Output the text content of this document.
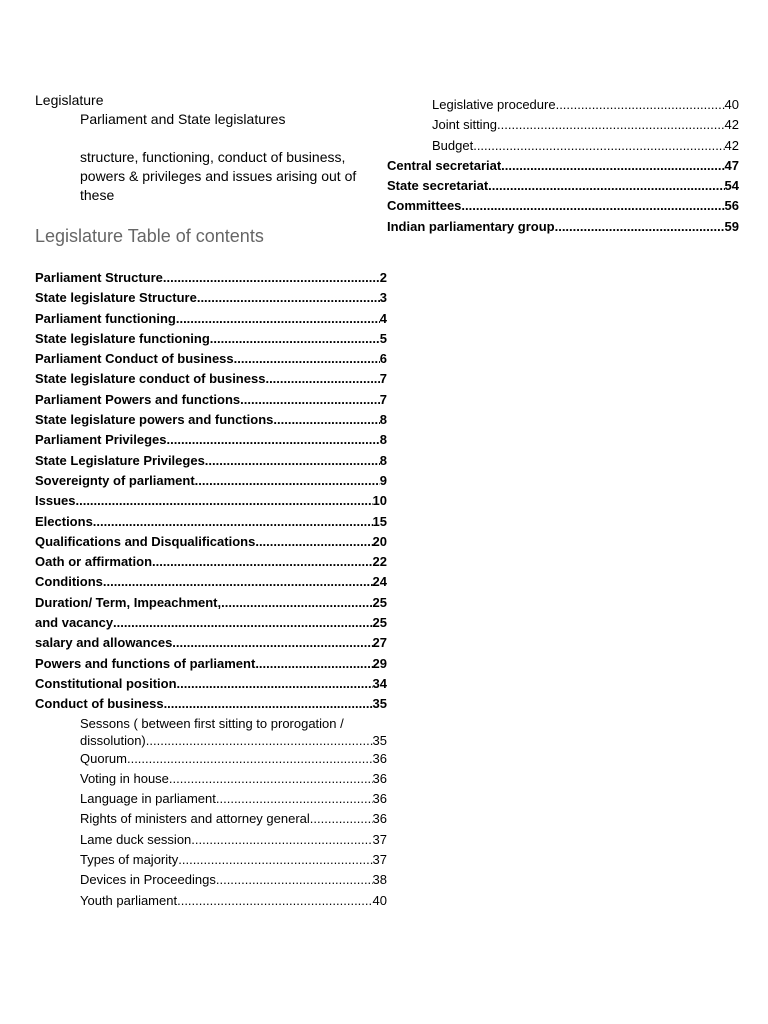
Legislature

Parliament and State legislatures

structure, functioning, conduct of business, powers & privileges and issues arising out of these

Legislature Table of contents
Parliament Structure .....	2
State legislature Structure .....	3
Parliament functioning .....	4
State legislature functioning .....	5
Parliament Conduct of business .....	6
State legislature conduct of business .....	7
Parliament Powers and functions .....	7
State legislature powers and functions .....	8
Parliament Privileges .....	8
State Legislature Privileges .....	8
Sovereignty of parliament .....	9
Issues .....	10
Elections .....	15
Qualifications and Disqualifications .....	20
Oath or affirmation .....	22
Conditions .....	24
Duration/ Term, Impeachment, .....	25
and vacancy .....	25
salary and allowances .....	27
Powers and functions of parliament .....	29
Constitutional position .....	34
Conduct of business .....	35
Sessons ( between first sitting to prorogation /
dissolution) .....	35
Quorum .....	36
Voting in house .....	36
Language in parliament .....	36
Rights of ministers and attorney general .....	36
Lame duck session .....	37
Types of majority .....	37
Devices in Proceedings .....	38
Youth parliament .....	40
Legislative procedure .....	40
Joint sitting .....	42
Budget .....	42
Central secretariat .....	47
State secretariat .....	54
Committees .....	56
Indian parliamentary group .....	59
